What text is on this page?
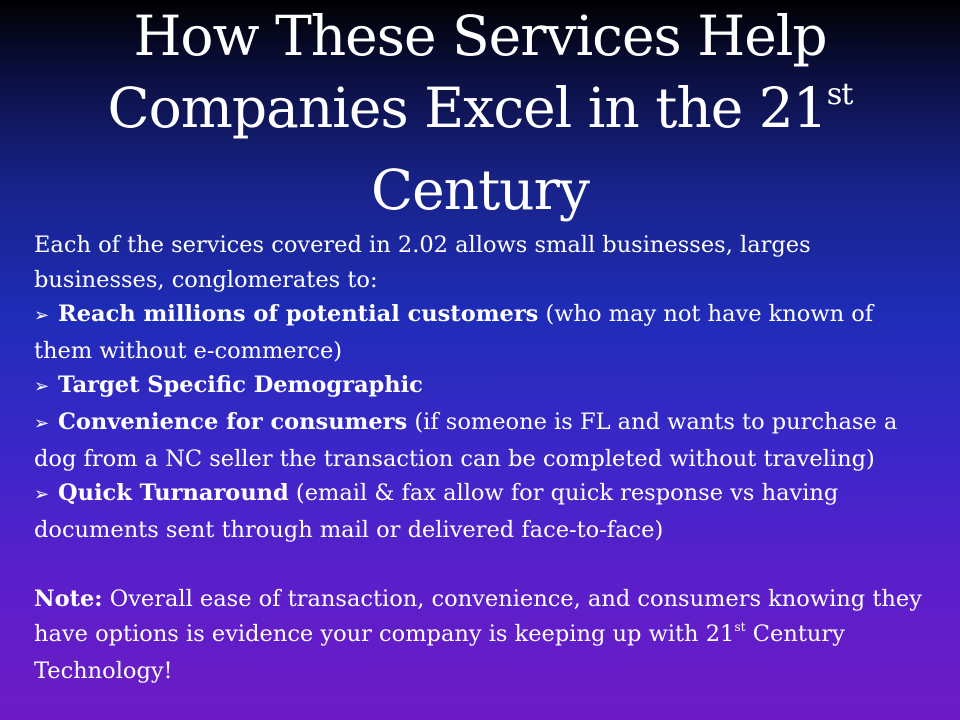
How These Services Help
Companies Excel in the 21st
Century

Each of the services covered in 2.02 allows small businesses, larges businesses, conglomerates to:

➢ Reach millions of potential customers (who may not have known of them without e-commerce)

➢ Target Specific Demographic

➢ Convenience for consumers (if someone is FL and wants to purchase a dog from a NC seller the transaction can be completed without traveling)

➢ Quick Turnaround (email & fax allow for quick response vs having documents sent through mail or delivered face-to-face)

Note: Overall ease of transaction, convenience, and consumers knowing they have options is evidence your company is keeping up with 21st Century Technology!
